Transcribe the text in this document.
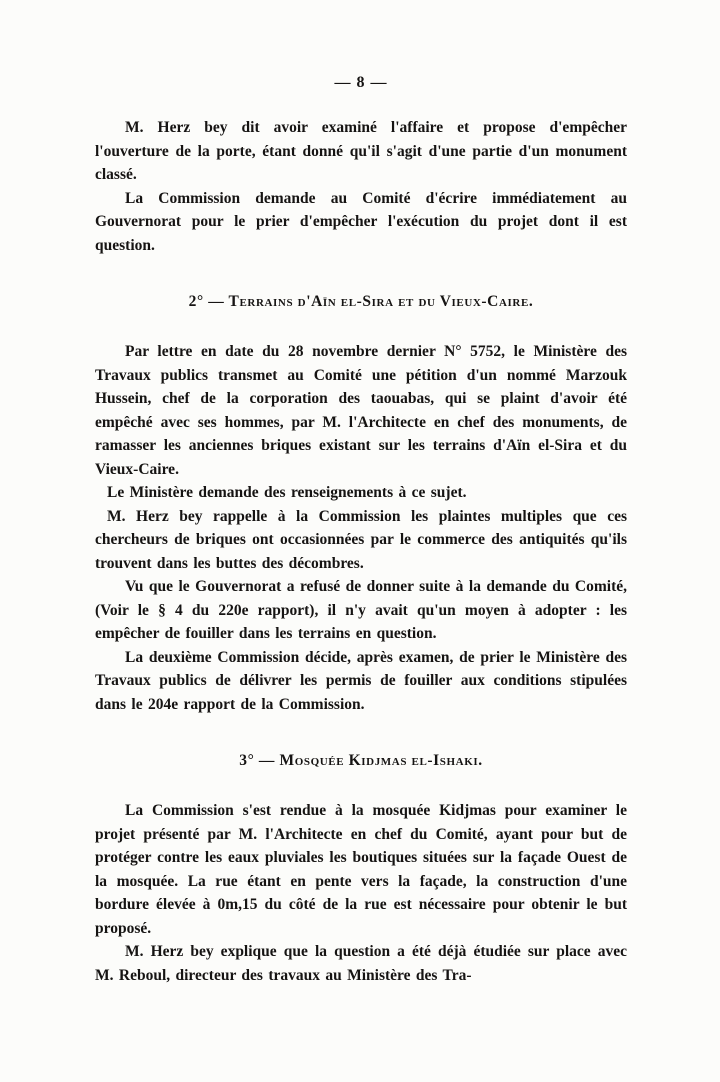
— 8 —

M. Herz bey dit avoir examiné l'affaire et propose d'empêcher l'ouverture de la porte, étant donné qu'il s'agit d'une partie d'un monument classé.

La Commission demande au Comité d'écrire immédiatement au Gouvernorat pour le prier d'empêcher l'exécution du projet dont il est question.

2° — Terrains d'Aïn el-Sira et du Vieux-Caire.

Par lettre en date du 28 novembre dernier N° 5752, le Ministère des Travaux publics transmet au Comité une pétition d'un nommé Marzouk Hussein, chef de la corporation des taouabas, qui se plaint d'avoir été empêché avec ses hommes, par M. l'Architecte en chef des monuments, de ramasser les anciennes briques existant sur les terrains d'Aïn el-Sira et du Vieux-Caire.

Le Ministère demande des renseignements à ce sujet.

M. Herz bey rappelle à la Commission les plaintes multiples que ces chercheurs de briques ont occasionnées par le commerce des antiquités qu'ils trouvent dans les buttes des décombres.

Vu que le Gouvernorat a refusé de donner suite à la demande du Comité, (Voir le § 4 du 220e rapport), il n'y avait qu'un moyen à adopter : les empêcher de fouiller dans les terrains en question.

La deuxième Commission décide, après examen, de prier le Ministère des Travaux publics de délivrer les permis de fouiller aux conditions stipulées dans le 204e rapport de la Commission.

3° — Mosquée Kidjmas el-Ishaki.

La Commission s'est rendue à la mosquée Kidjmas pour examiner le projet présenté par M. l'Architecte en chef du Comité, ayant pour but de protéger contre les eaux pluviales les boutiques situées sur la façade Ouest de la mosquée. La rue étant en pente vers la façade, la construction d'une bordure élevée à 0m,15 du côté de la rue est nécessaire pour obtenir le but proposé.

M. Herz bey explique que la question a été déjà étudiée sur place avec M. Reboul, directeur des travaux au Ministère des Tra-
